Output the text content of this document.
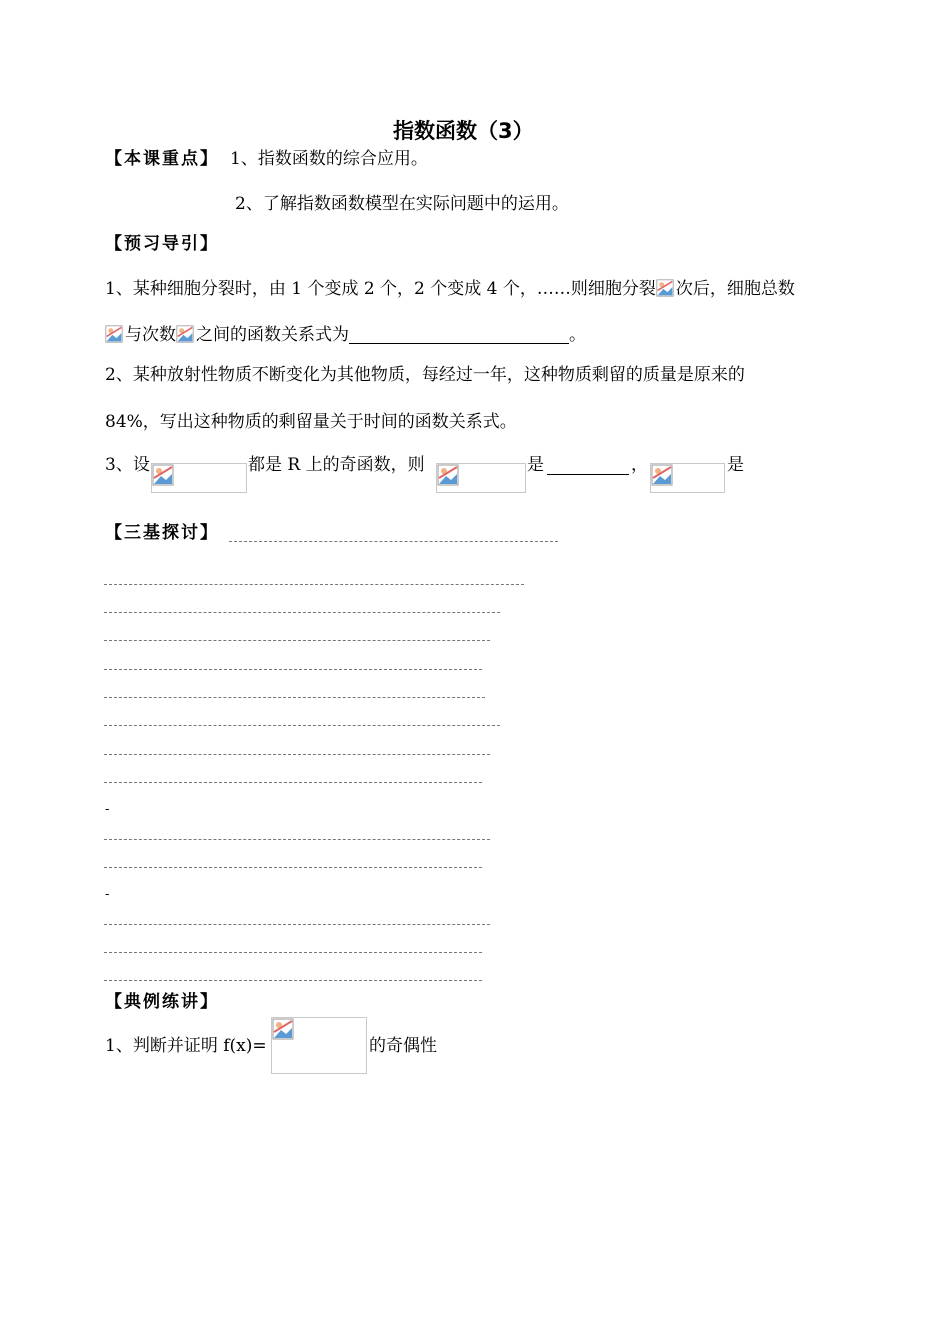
指数函数（3）
【本课重点】 1、指数函数的综合应用。
2、了解指数函数模型在实际问题中的运用。
【预习导引】
1、某种细胞分裂时，由 1 个变成 2 个，2 个变成 4 个，……则细胞分裂 次后，细胞总数
与次数 之间的函数关系式为	。
2、某种放射性物质不断变化为其他物质，每经过一年，这种物质剩留的质量是原来的
84%，写出这种物质的剩留量关于时间的函数关系式。
3、设	都是 R 上的奇函数，则	是	，	是
【三基探讨】
-
-
【典例练讲】
1、判断并证明 f(x)=	的奇偶性
